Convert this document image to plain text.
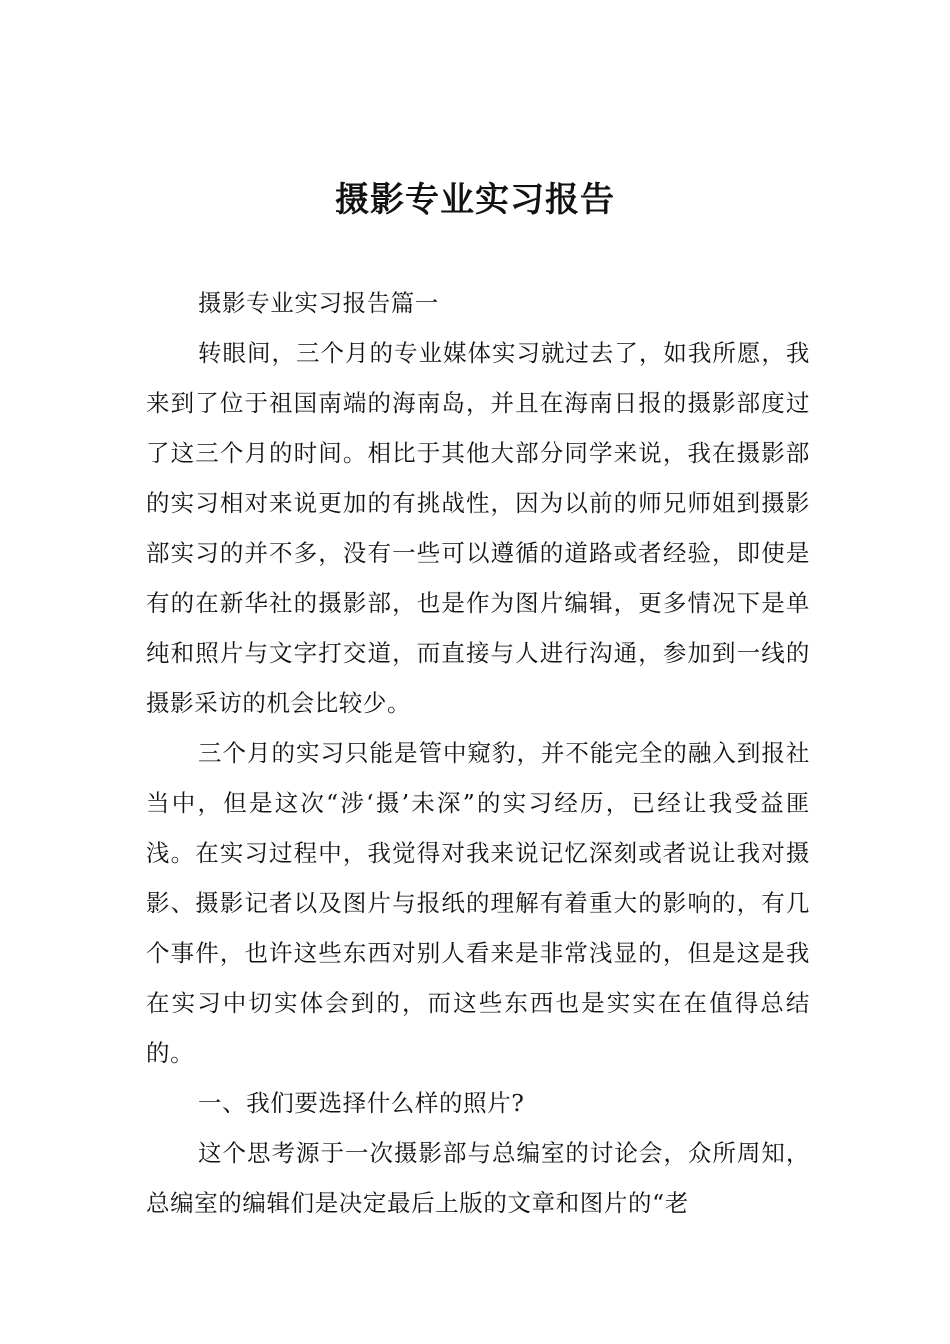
摄影专业实习报告

摄影专业实习报告篇一

转眼间，三个月的专业媒体实习就过去了，如我所愿，我来到了位于祖国南端的海南岛，并且在海南日报的摄影部度过了这三个月的时间。相比于其他大部分同学来说，我在摄影部的实习相对来说更加的有挑战性，因为以前的师兄师姐到摄影部实习的并不多，没有一些可以遵循的道路或者经验，即使是有的在新华社的摄影部，也是作为图片编辑，更多情况下是单纯和照片与文字打交道，而直接与人进行沟通，参加到一线的摄影采访的机会比较少。

三个月的实习只能是管中窥豹，并不能完全的融入到报社当中，但是这次“涉‘摄’未深”的实习经历，已经让我受益匪浅。在实习过程中，我觉得对我来说记忆深刻或者说让我对摄影、摄影记者以及图片与报纸的理解有着重大的影响的，有几个事件，也许这些东西对别人看来是非常浅显的，但是这是我在实习中切实体会到的，而这些东西也是实实在在值得总结的。

一、我们要选择什么样的照片?

这个思考源于一次摄影部与总编室的讨论会，众所周知，总编室的编辑们是决定最后上版的文章和图片的“老
